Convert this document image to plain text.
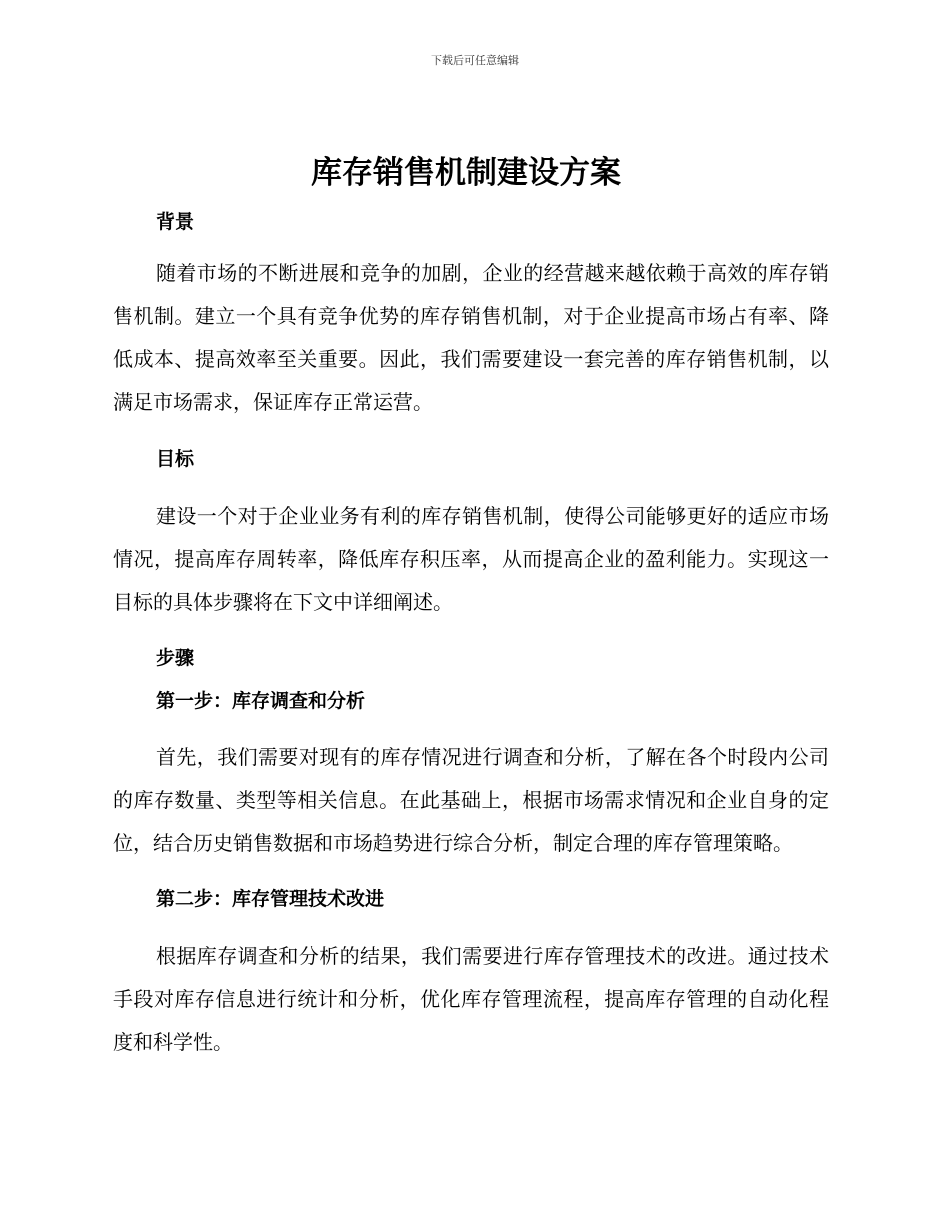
下载后可任意编辑
库存销售机制建设方案
背景

随着市场的不断进展和竞争的加剧，企业的经营越来越依赖于高效的库存销售机制。建立一个具有竞争优势的库存销售机制，对于企业提高市场占有率、降低成本、提高效率至关重要。因此，我们需要建设一套完善的库存销售机制，以满足市场需求，保证库存正常运营。

目标

建设一个对于企业业务有利的库存销售机制，使得公司能够更好的适应市场情况，提高库存周转率，降低库存积压率，从而提高企业的盈利能力。实现这一目标的具体步骤将在下文中详细阐述。

步骤
第一步：库存调查和分析

首先，我们需要对现有的库存情况进行调查和分析，了解在各个时段内公司的库存数量、类型等相关信息。在此基础上，根据市场需求情况和企业自身的定位，结合历史销售数据和市场趋势进行综合分析，制定合理的库存管理策略。

第二步：库存管理技术改进

根据库存调查和分析的结果，我们需要进行库存管理技术的改进。通过技术手段对库存信息进行统计和分析，优化库存管理流程，提高库存管理的自动化程度和科学性。
